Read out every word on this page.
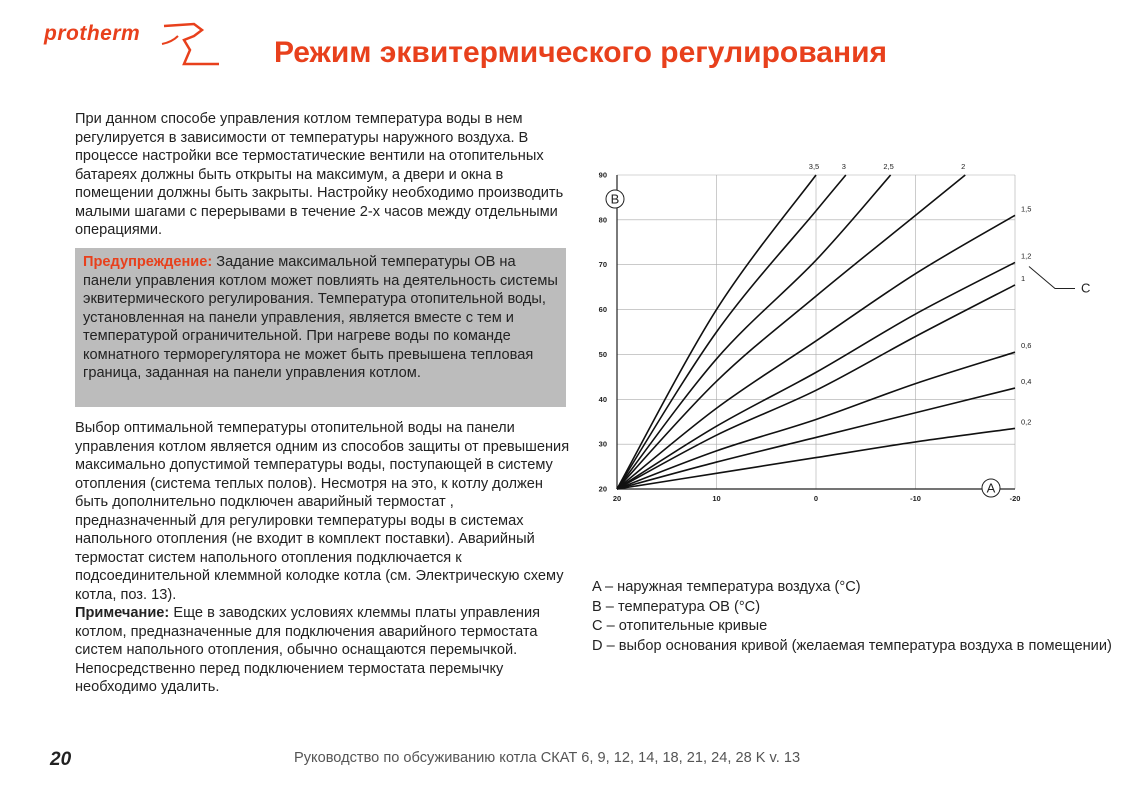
protherm
Режим эквитермического регулирования
При данном способе управления котлом температура воды в нем регулируется в зависимости от температуры наружного воздуха. В процессе настройки все термостатические вентили на отопительных батареях должны быть открыты на максимум, а двери и окна в помещении должны быть закрыты. Настройку необходимо производить малыми шагами с перерывами в течение 2-х часов между отдельными операциями.
Предупреждение: Задание максимальной температуры ОВ на панели управления котлом может повлиять на деятельность системы эквитермического регулирования. Температура отопительной воды, установленная на панели управления, является вместе с тем и температурой ограничительной. При нагреве воды по команде комнатного терморегулятора не может быть превышена тепловая граница, заданная на панели управления котлом.
Выбор оптимальной температуры отопительной воды на панели управления котлом является одним из способов защиты от превышения максимально допустимой температуры воды, поступающей в систему отопления (система теплых полов). Несмотря на это, к котлу должен быть дополнительно подключен аварийный термостат , предназначенный для регулировки температуры воды в системах напольного отопления (не входит в комплект поставки). Аварийный термостат систем напольного отопления подключается к подсоединительной клеммной колодке котла (см. Электрическую схему котла, поз. 13).
Примечание: Еще в заводских условиях клеммы платы управления котлом, предназначенные для подключения аварийного термостата систем напольного отопления, обычно оснащаются перемычкой. Непосредственно перед подключением термостата перемычку необходимо удалить.
20
30
40
50
60
70
80
90
20	10	0	-10	-20
3,5	3	2,5	2
1,5
1,2
1
0,6
0,4
0,2
B
A
C
A – наружная температура воздуха (°C)
B – температура ОВ (°C)
C – отопительные кривые
D – выбор основания кривой (желаемая температура воздуха в помещении)
20	Руководство по обсуживанию котла СКАТ 6, 9, 12, 14, 18, 21, 24, 28 K v. 13
